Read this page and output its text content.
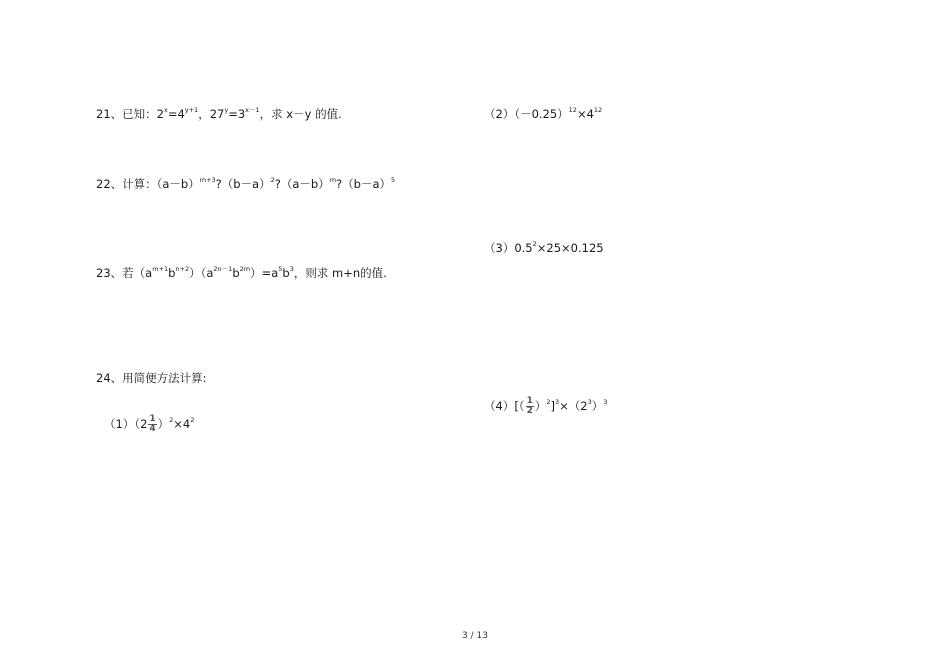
21、已知：$2^x=4^{y+1}$，$27^y=3^{x-1}$，求 x－y 的值.
22、计算：$(a-b)^{m+3}?(b-a)^2?(a-b)^m?(b-a)^5$
23、若$(a^{m+1}b^{n+2})(a^{2n-1}b^{2m})=a^5b^3$，则求 m+n的值.
24、用简便方法计算:
$(1)(2 \frac{1}{4} )^2\times 4^2$
$(2)(-0.25)^{12}\times 4^{12}$
$(3)0.5^2\times 25\times 0.125$
$(4)[( \frac{1}{2} )^2]^3\times(2^3)^3$
3 / 13
